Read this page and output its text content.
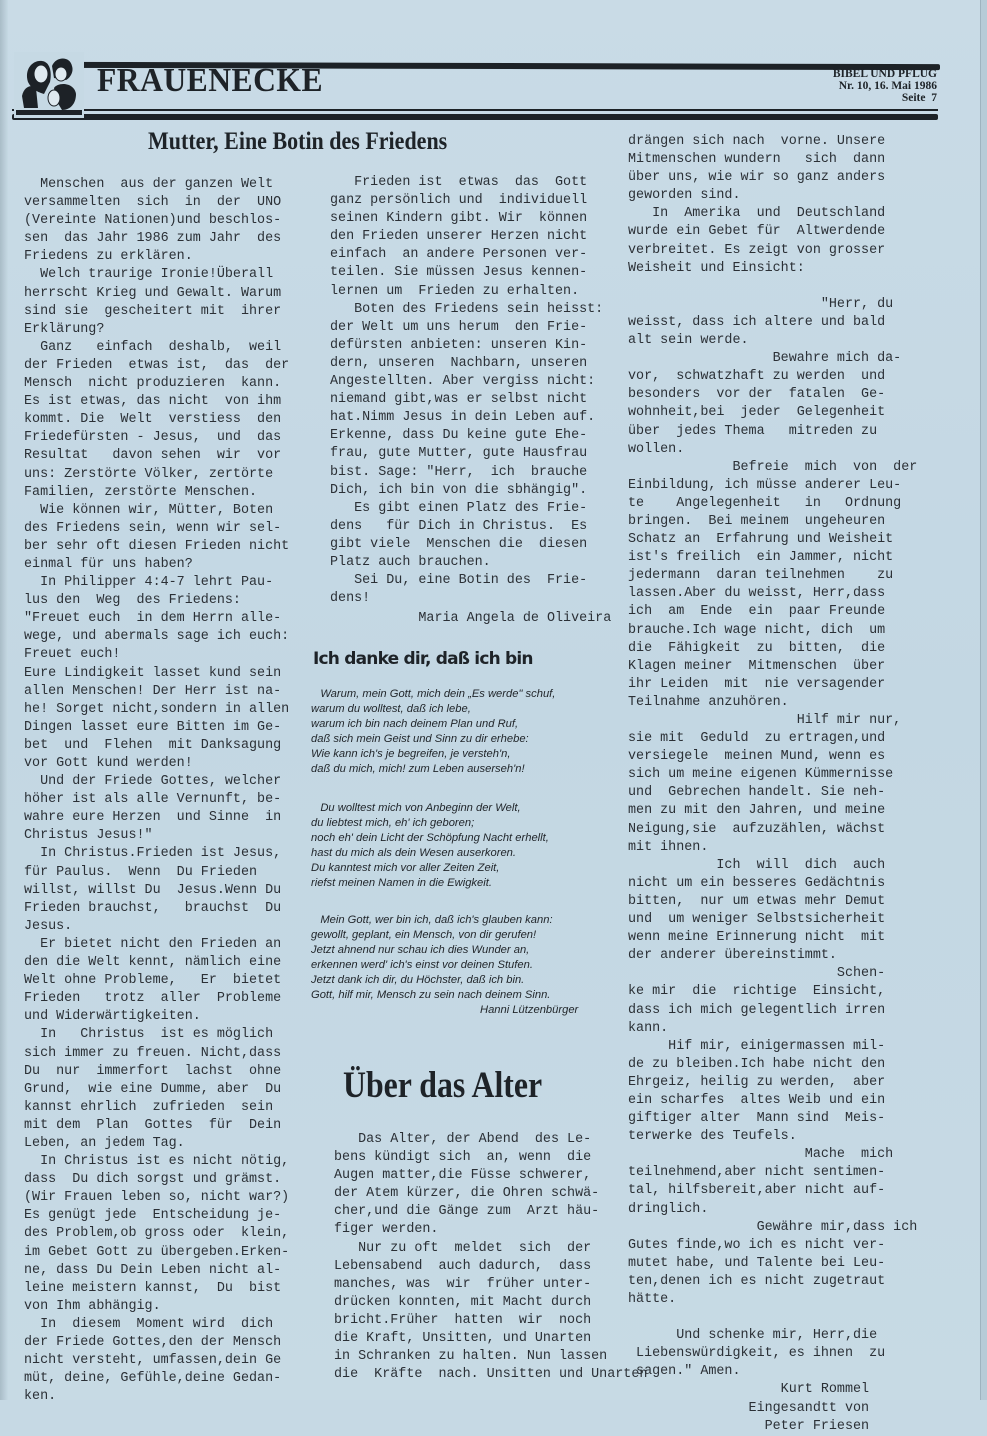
FRAUENECKE	BIBEL UND PFLUG
Nr. 10, 16. Mai 1986
Seite  7
Mutter, Eine Botin des Friedens

Menschen  aus der ganzen Welt

versammelten  sich  in  der  UNO

(Vereinte Nationen)und beschlos-

sen  das Jahr 1986 zum Jahr  des

Friedens zu erklären.

Welch traurige Ironie!Überall

herrscht Krieg und Gewalt. Warum

sind sie  gescheitert mit  ihrer

Erklärung?

Ganz   einfach  deshalb,  weil

der Frieden  etwas ist,  das  der

Mensch  nicht produzieren  kann.

Es ist etwas, das nicht  von ihm

kommt. Die  Welt  verstiess  den

Friedefürsten - Jesus,  und  das

Resultat   davon sehen  wir  vor

uns: Zerstörte Völker, zertörte

Familien, zerstörte Menschen.

Wie können wir, Mütter, Boten

des Friedens sein, wenn wir sel-

ber sehr oft diesen Frieden nicht

einmal für uns haben?

In Philipper 4:4-7 lehrt Pau-

lus den  Weg  des Friedens:

"Freuet euch  in dem Herrn alle-

wege, und abermals sage ich euch:

Freuet euch!

Eure Lindigkeit lasset kund sein

allen Menschen! Der Herr ist na-

he! Sorget nicht,sondern in allen

Dingen lasset eure Bitten im Ge-

bet  und  Flehen  mit Danksagung

vor Gott kund werden!

Und der Friede Gottes, welcher

höher ist als alle Vernunft, be-

wahre eure Herzen  und Sinne  in

Christus Jesus!"

In Christus.Frieden ist Jesus,

für Paulus.  Wenn  Du Frieden

willst, willst Du  Jesus.Wenn Du

Frieden brauchst,   brauchst  Du

Jesus.

Er bietet nicht den Frieden an

den die Welt kennt, nämlich eine

Welt ohne Probleme,   Er  bietet

Frieden   trotz  aller  Probleme

und Widerwärtigkeiten.

In   Christus  ist es möglich

sich immer zu freuen. Nicht,dass

Du  nur  immerfort  lachst  ohne

Grund,  wie eine Dumme, aber  Du

kannst ehrlich  zufrieden  sein

mit dem  Plan  Gottes  für  Dein

Leben, an jedem Tag.

In Christus ist es nicht nötig,

dass  Du dich sorgst und grämst.

(Wir Frauen leben so, nicht war?)

Es genügt jede  Entscheidung je-

des Problem,ob gross oder  klein,

im Gebet Gott zu übergeben.Erken-

ne, dass Du Dein Leben nicht al-

leine meistern kannst,  Du  bist

von Ihm abhängig.

In  diesem  Moment wird  dich

der Friede Gottes,den der Mensch

nicht versteht, umfassen,dein Ge

müt, deine, Gefühle,deine Gedan-

ken.

Frieden ist  etwas  das  Gott

ganz persönlich und  individuell

seinen Kindern gibt. Wir  können

den Frieden unserer Herzen nicht

einfach  an andere Personen ver-

teilen. Sie müssen Jesus kennen-

lernen um  Frieden zu erhalten.

Boten des Friedens sein heisst:

der Welt um uns herum  den Frie-

defürsten anbieten: unseren Kin-

dern, unseren  Nachbarn, unseren

Angestellten. Aber vergiss nicht:

niemand gibt,was er selbst nicht

hat.Nimm Jesus in dein Leben auf.

Erkenne, dass Du keine gute Ehe-

frau, gute Mutter, gute Hausfrau

bist. Sage: "Herr,  ich  brauche

Dich, ich bin von die sbhängig".

Es gibt einen Platz des Frie-

dens   für Dich in Christus.  Es

gibt viele  Menschen die  diesen

Platz auch brauchen.

Sei Du, eine Botin des  Frie-

dens!

Maria Angela de Oliveira

Ich danke dir, daß ich bin

Warum, mein Gott, mich dein „Es werde" schuf,

warum du wolltest, daß ich lebe,

warum ich bin nach deinem Plan und Ruf,

daß sich mein Geist und Sinn zu dir erhebe:

Wie kann ich's je begreifen, je versteh'n,

daß du mich, mich! zum Leben auserseh'n!

Du wolltest mich von Anbeginn der Welt,

du liebtest mich, eh' ich geboren;

noch eh' dein Licht der Schöpfung Nacht erhellt,

hast du mich als dein Wesen auserkoren.

Du kanntest mich vor aller Zeiten Zeit,

riefst meinen Namen in die Ewigkeit.

Mein Gott, wer bin ich, daß ich's glauben kann:

gewollt, geplant, ein Mensch, von dir gerufen!

Jetzt ahnend nur schau ich dies Wunder an,

erkennen werd' ich's einst vor deinen Stufen.

Jetzt dank ich dir, du Höchster, daß ich bin.

Gott, hilf mir, Mensch zu sein nach deinem Sinn.

Hanni Lützenbürger
Über das Alter

Das Alter, der Abend  des Le-

bens kündigt sich  an, wenn  die

Augen matter,die Füsse schwerer,

der Atem kürzer, die Ohren schwä-

cher,und die Gänge zum  Arzt häu-

figer werden.

Nur zu oft  meldet  sich  der

Lebensabend  auch dadurch,  dass

manches, was  wir  früher unter-

drücken konnten, mit Macht durch

bricht.Früher  hatten  wir  noch

die Kraft, Unsitten, und Unarten

in Schranken zu halten. Nun lassen

die  Kräfte  nach. Unsitten und Unarten

drängen sich nach  vorne. Unsere

Mitmenschen wundern   sich  dann

über uns, wie wir so ganz anders

geworden sind.

In  Amerika  und  Deutschland

wurde ein Gebet für  Altwerdende

verbreitet. Es zeigt von grosser

Weisheit und Einsicht:

"Herr, du

weisst, dass ich altere und bald

alt sein werde.

Bewahre mich da-

vor,  schwatzhaft zu werden  und

besonders  vor der  fatalen  Ge-

wohnheit,bei  jeder  Gelegenheit

über  jedes Thema   mitreden zu

wollen.

Befreie  mich  von  der

Einbildung, ich müsse anderer Leu-

te    Angelegenheit   in   Ordnung

bringen.  Bei meinem  ungeheuren

Schatz an  Erfahrung und Weisheit

ist's freilich  ein Jammer, nicht

jedermann  daran teilnehmen    zu

lassen.Aber du weisst, Herr,dass

ich  am  Ende  ein  paar Freunde

brauche.Ich wage nicht, dich  um

die  Fähigkeit  zu  bitten,  die

Klagen meiner  Mitmenschen  über

ihr Leiden  mit  nie versagender

Teilnahme anzuhören.

Hilf mir nur,

sie mit  Geduld  zu ertragen,und

versiegele  meinen Mund, wenn es

sich um meine eigenen Kümmernisse

und  Gebrechen handelt. Sie neh-

men zu mit den Jahren, und meine

Neigung,sie  aufzuzählen, wächst

mit ihnen.

Ich  will  dich  auch

nicht um ein besseres Gedächtnis

bitten,  nur um etwas mehr Demut

und  um weniger Selbstsicherheit

wenn meine Erinnerung nicht  mit

der anderer übereinstimmt.

Schen-

ke mir  die  richtige  Einsicht,

dass ich mich gelegentlich irren

kann.

Hif mir, einigermassen mil-

de zu bleiben.Ich habe nicht den

Ehrgeiz, heilig zu werden,  aber

ein scharfes  altes Weib und ein

giftiger alter  Mann sind  Meis-

terwerke des Teufels.

Mache  mich

teilnehmend,aber nicht sentimen-

tal, hilfsbereit,aber nicht auf-

dringlich.

Gewähre mir,dass ich

Gutes finde,wo ich es nicht ver-

mutet habe, und Talente bei Leu-

ten,denen ich es nicht zugetraut

hätte.

Und schenke mir, Herr,die

Liebenswürdigkeit, es ihnen  zu

sagen." Amen.

Kurt Rommel

Eingesandtt von

Peter Friesen
